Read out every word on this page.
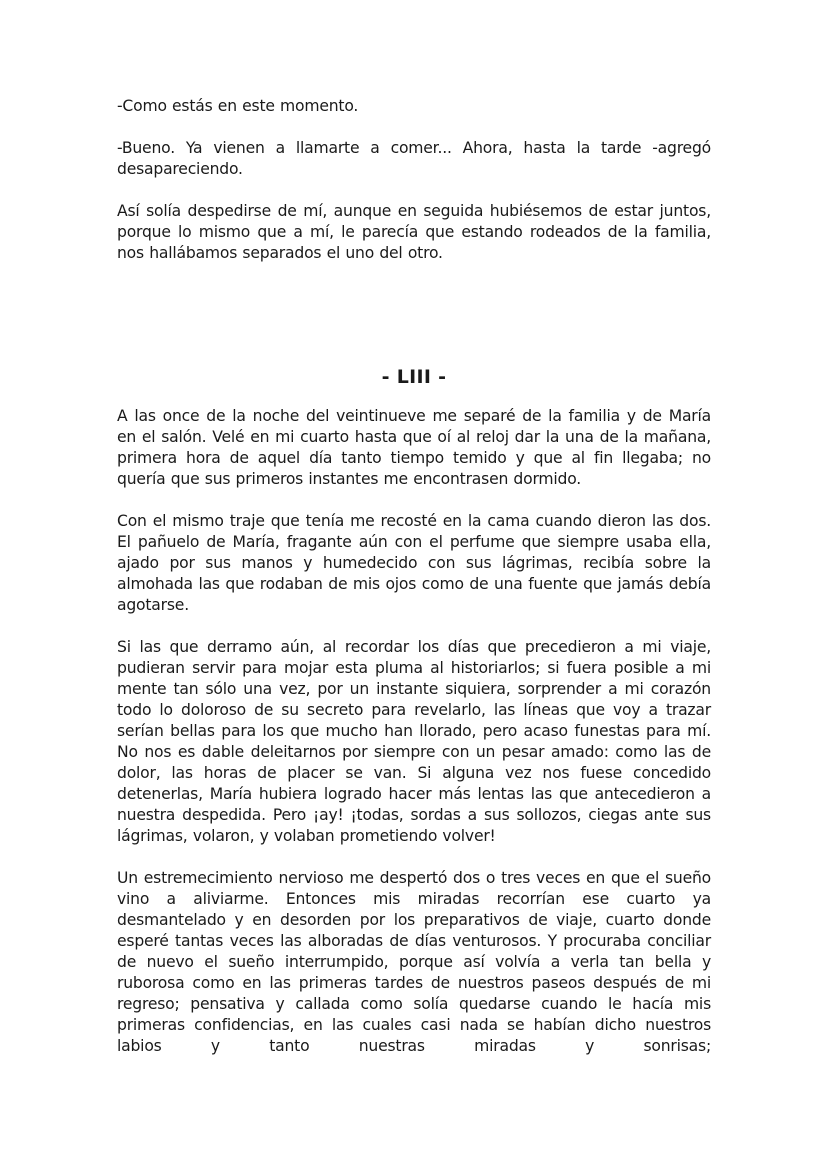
-Como estás en este momento.

-Bueno. Ya vienen a llamarte a comer... Ahora, hasta la tarde -agregó desapareciendo.

Así solía despedirse de mí, aunque en seguida hubiésemos de estar juntos, porque lo mismo que a mí, le parecía que estando rodeados de la familia, nos hallábamos separados el uno del otro.

- LIII -

A las once de la noche del veintinueve me separé de la familia y de María en el salón. Velé en mi cuarto hasta que oí al reloj dar la una de la mañana, primera hora de aquel día tanto tiempo temido y que al fin llegaba; no quería que sus primeros instantes me encontrasen dormido.

Con el mismo traje que tenía me recosté en la cama cuando dieron las dos. El pañuelo de María, fragante aún con el perfume que siempre usaba ella, ajado por sus manos y humedecido con sus lágrimas, recibía sobre la almohada las que rodaban de mis ojos como de una fuente que jamás debía agotarse.

Si las que derramo aún, al recordar los días que precedieron a mi viaje, pudieran servir para mojar esta pluma al historiarlos; si fuera posible a mi mente tan sólo una vez, por un instante siquiera, sorprender a mi corazón todo lo doloroso de su secreto para revelarlo, las líneas que voy a trazar serían bellas para los que mucho han llorado, pero acaso funestas para mí. No nos es dable deleitarnos por siempre con un pesar amado: como las de dolor, las horas de placer se van. Si alguna vez nos fuese concedido detenerlas, María hubiera logrado hacer más lentas las que antecedieron a nuestra despedida. Pero ¡ay! ¡todas, sordas a sus sollozos, ciegas ante sus lágrimas, volaron, y volaban prometiendo volver!

Un estremecimiento nervioso me despertó dos o tres veces en que el sueño vino a aliviarme. Entonces mis miradas recorrían ese cuarto ya desmantelado y en desorden por los preparativos de viaje, cuarto donde esperé tantas veces las alboradas de días venturosos. Y procuraba conciliar de nuevo el sueño interrumpido, porque así volvía a verla tan bella y ruborosa como en las primeras tardes de nuestros paseos después de mi regreso; pensativa y callada como solía quedarse cuando le hacía mis primeras confidencias, en las cuales casi nada se habían dicho nuestros labios y tanto nuestras miradas y sonrisas;
